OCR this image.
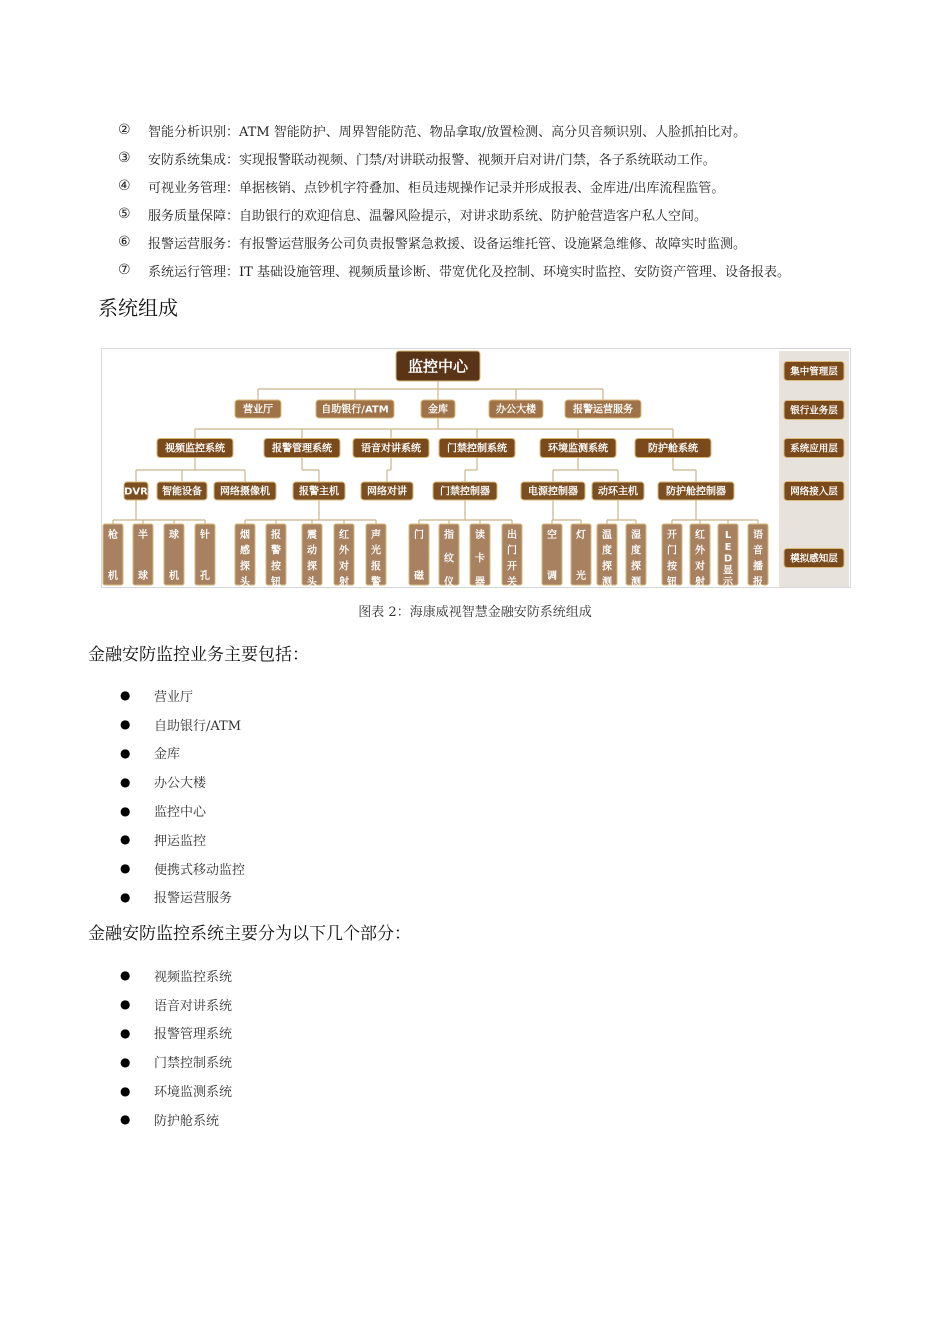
②	智能分析识别：ATM 智能防护、周界智能防范、物品拿取/放置检测、高分贝音频识别、人脸抓拍比对。
③	安防系统集成：实现报警联动视频、门禁/对讲联动报警、视频开启对讲/门禁，各子系统联动工作。
④	可视业务管理：单据核销、点钞机字符叠加、柜员违规操作记录并形成报表、金库进/出库流程监管。
⑤	服务质量保障：自助银行的欢迎信息、温馨风险提示，对讲求助系统、防护舱营造客户私人空间。
⑥	报警运营服务：有报警运营服务公司负责报警紧急救援、设备运维托管、设施紧急维修、故障实时监测。
⑦	系统运行管理：IT 基础设施管理、视频质量诊断、带宽优化及控制、环境实时监控、安防资产管理、设备报表。
系统组成
监控中心
营业厅	自助银行/ATM	金库	办公大楼	报警运营服务
视频监控系统	报警管理系统	语音对讲系统	门禁控制系统	环境监测系统	防护舱系统
DVR 智能设备 网络摄像机	报警主机	网络对讲	门禁控制器	电源控制器 动环主机	防护舱控制器
枪
机
半
球
球
机
针
孔
烟
感
探
头
报
警
按
钮
震
动
探
头
红
外
对
射
声
光
报
警
门
磁
指
纹
仪
读
卡
器
出
门
开
关
空
调
灯
光
温
度
探
测
湿
度
探
测
开
门
按
钮
红
外
对
射
L
E
D
显
示
语
音
播
报
集中管理层
银行业务层
系统应用层
网络接入层
模拟感知层
图表 2：海康威视智慧金融安防系统组成
金融安防监控业务主要包括：
●	营业厅
●	自助银行/ATM
●	金库
●	办公大楼
●	监控中心
●	押运监控
●	便携式移动监控
●	报警运营服务
金融安防监控系统主要分为以下几个部分：
●	视频监控系统
●	语音对讲系统
●	报警管理系统
●	门禁控制系统
●	环境监测系统
●	防护舱系统
